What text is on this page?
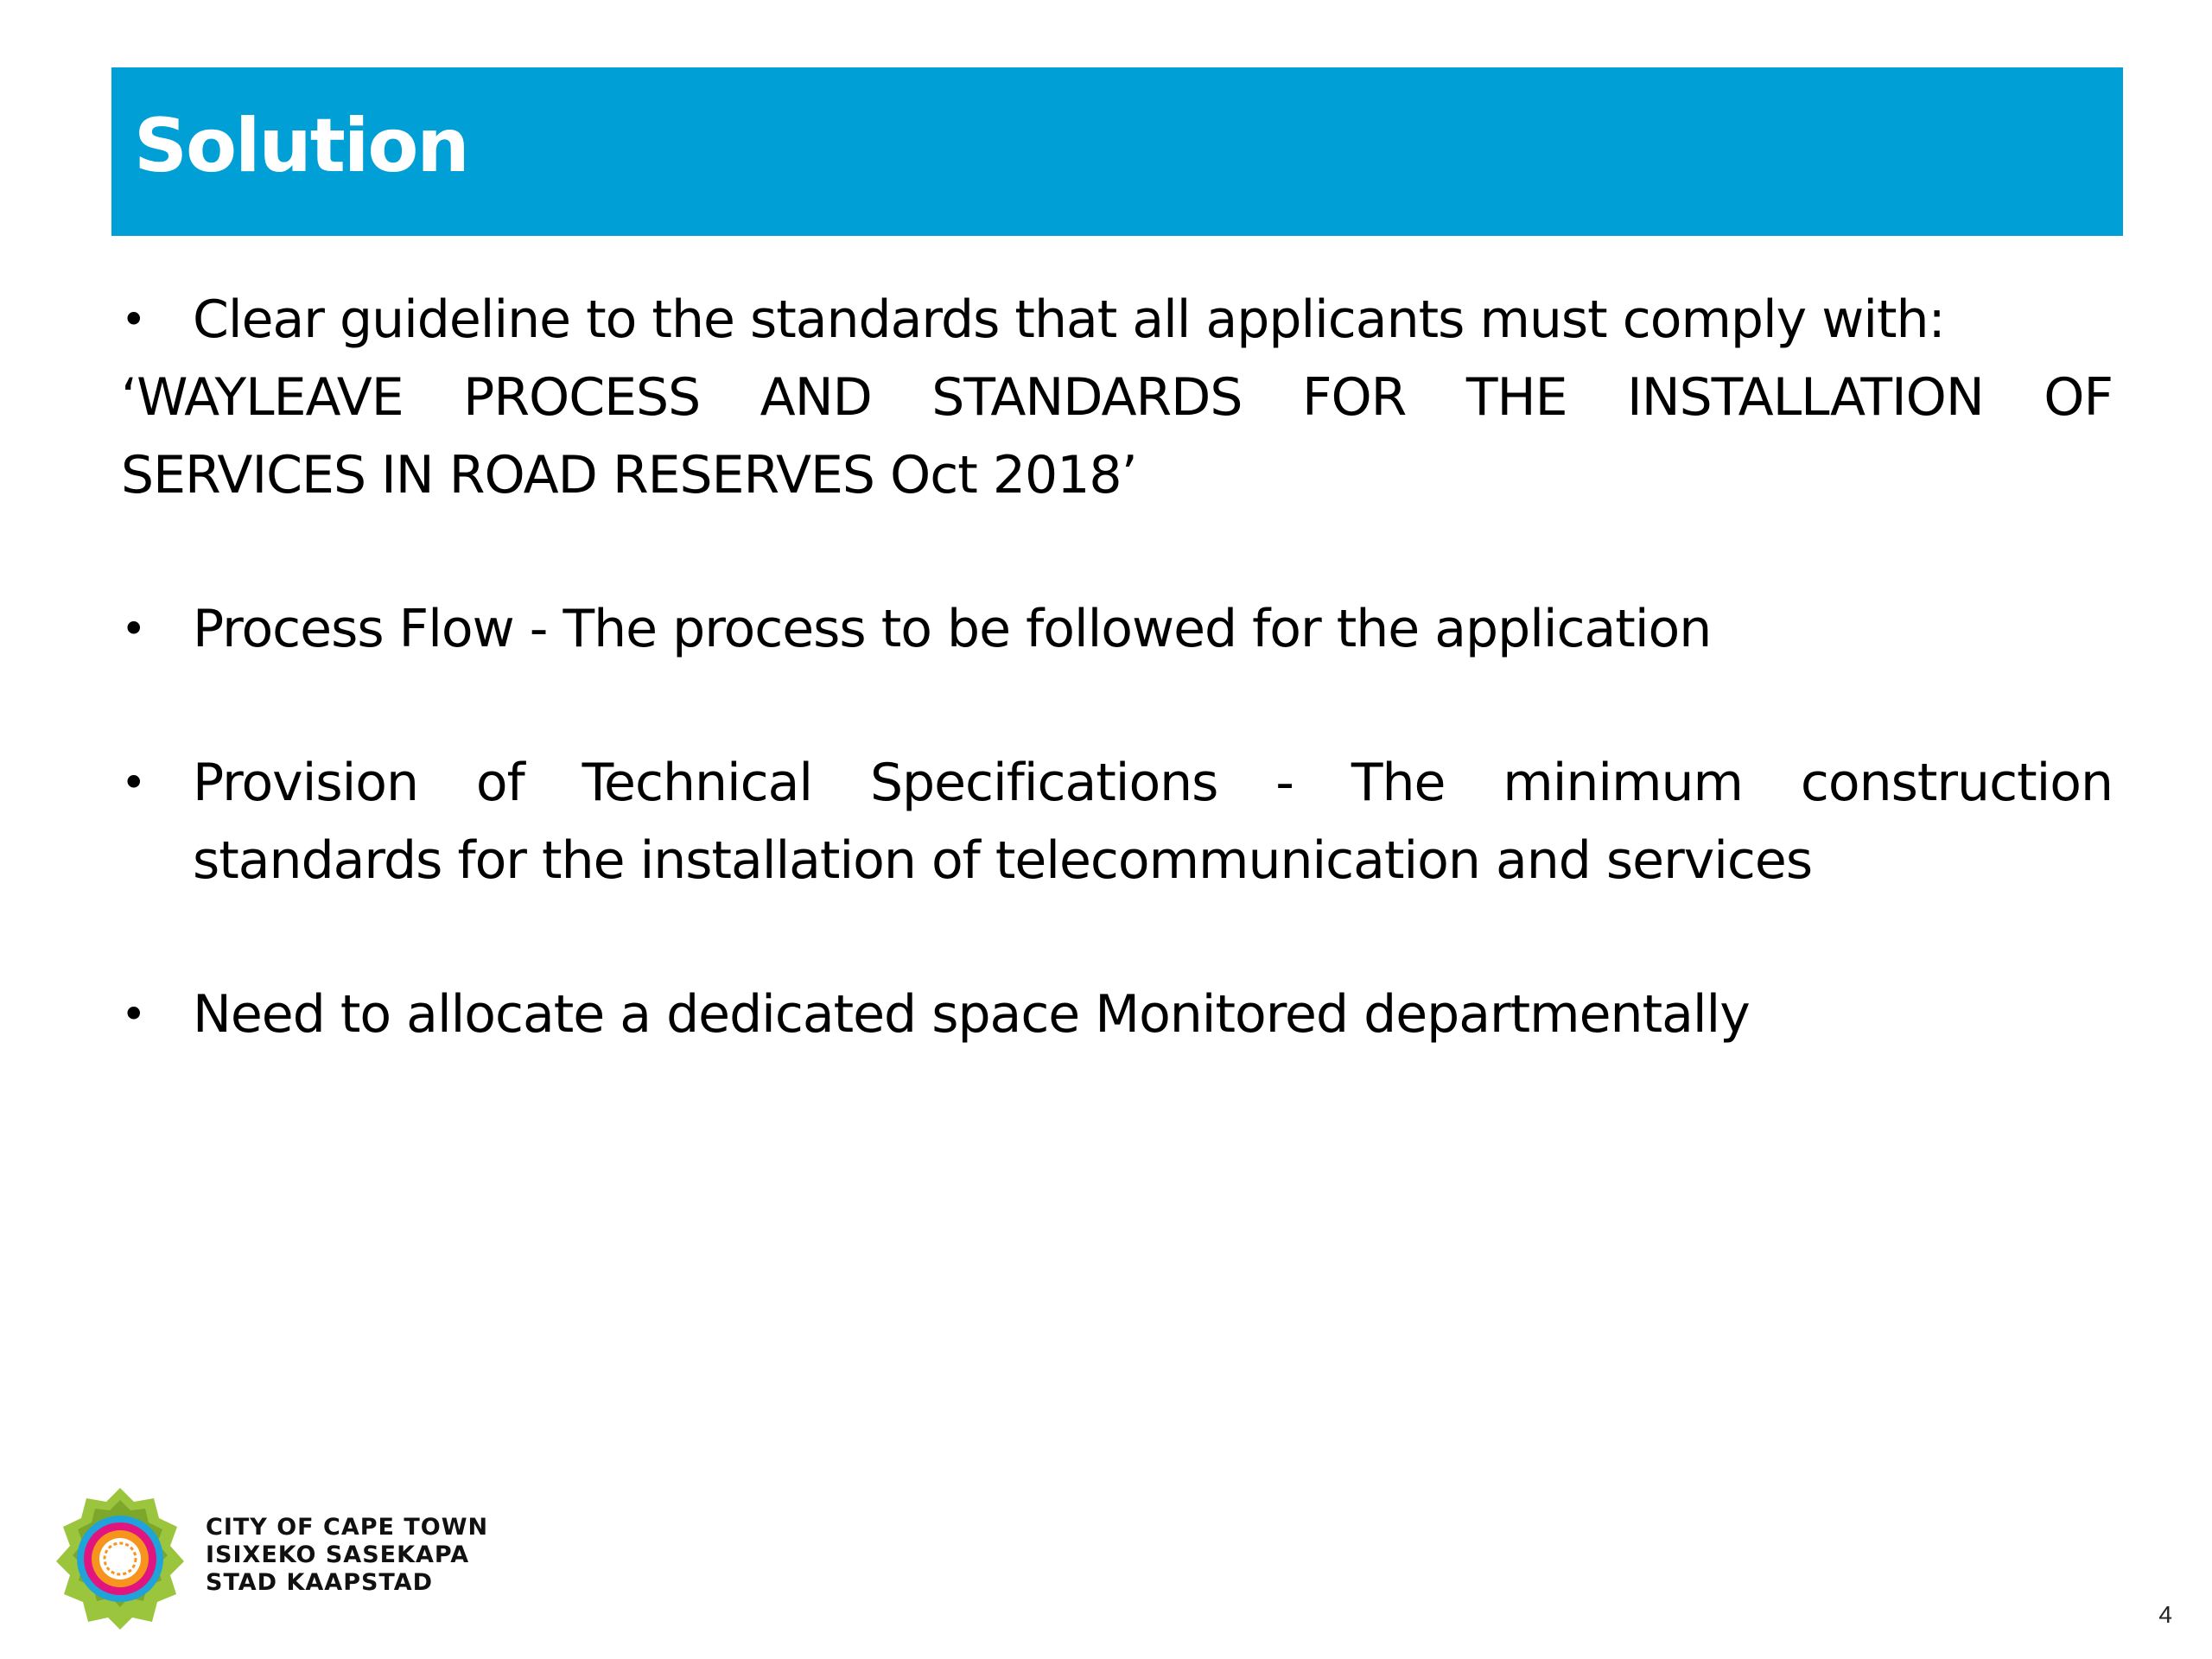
Solution
• Clear guideline to the standards that all applicants must comply with:
‘WAYLEAVE PROCESS AND STANDARDS FOR THE INSTALLATION OF
SERVICES IN ROAD RESERVES Oct 2018’
• Process Flow - The process to be followed for the application
• Provision of Technical Specifications - The minimum construction
standards for the installation of telecommunication and services
• Need to allocate a dedicated space Monitored departmentally
CITY OF CAPE TOWN
ISIXEKO SASEKAPA
STAD KAAPSTAD
4
